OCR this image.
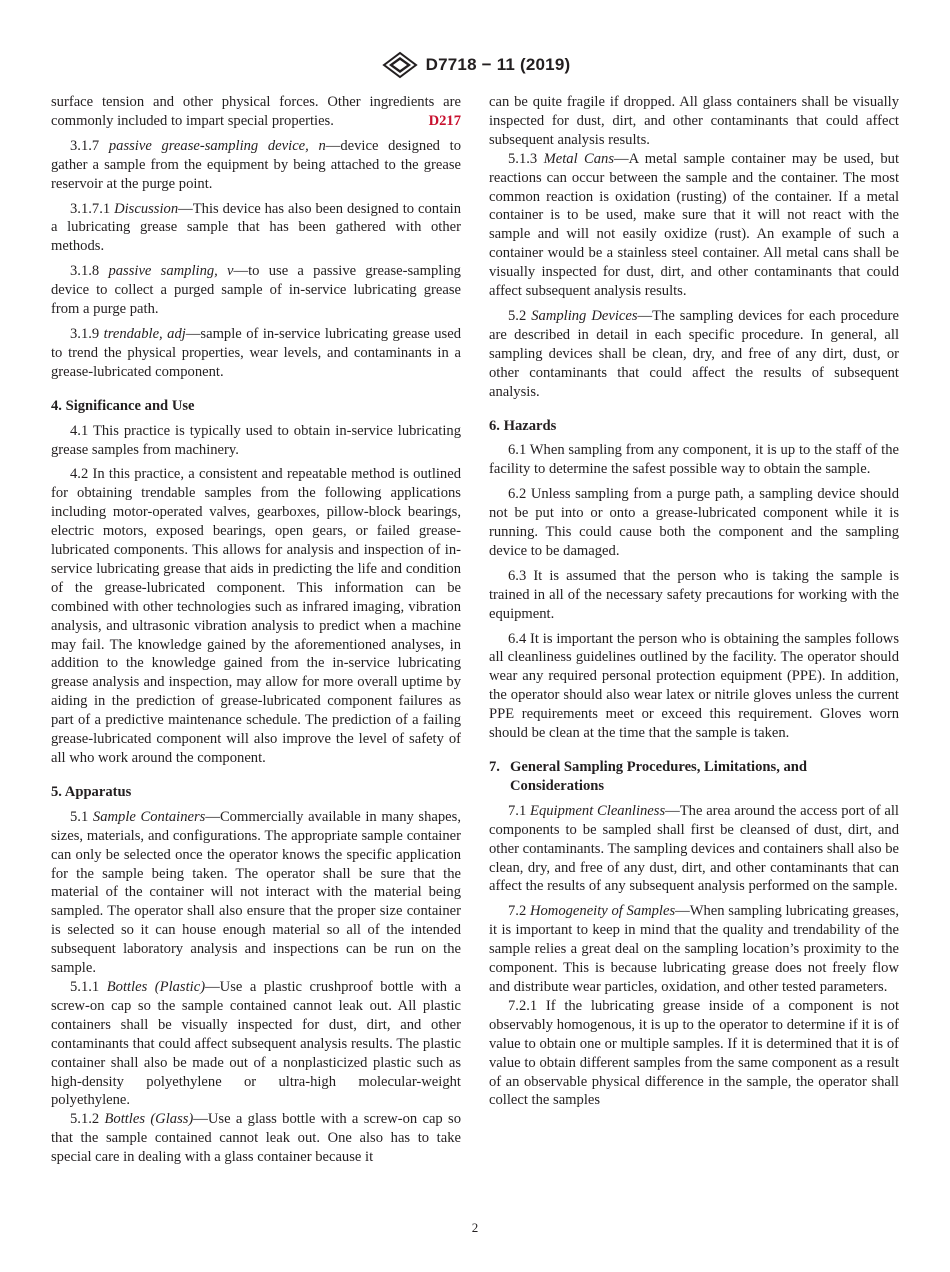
D7718 − 11 (2019)

surface tension and other physical forces. Other ingredients are commonly included to impart special properties.	D217

3.1.7 passive grease-sampling device, n—device designed to gather a sample from the equipment by being attached to the grease reservoir at the purge point.

3.1.7.1 Discussion—This device has also been designed to contain a lubricating grease sample that has been gathered with other methods.

3.1.8 passive sampling, v—to use a passive grease-sampling device to collect a purged sample of in-service lubricating grease from a purge path.

3.1.9 trendable, adj—sample of in-service lubricating grease used to trend the physical properties, wear levels, and contaminants in a grease-lubricated component.

4. Significance and Use

4.1 This practice is typically used to obtain in-service lubricating grease samples from machinery.

4.2 In this practice, a consistent and repeatable method is outlined for obtaining trendable samples from the following applications including motor-operated valves, gearboxes, pillow-block bearings, electric motors, exposed bearings, open gears, or failed grease-lubricated components. This allows for analysis and inspection of in-service lubricating grease that aids in predicting the life and condition of the grease-lubricated component. This information can be combined with other technologies such as infrared imaging, vibration analysis, and ultrasonic vibration analysis to predict when a machine may fail. The knowledge gained by the aforementioned analyses, in addition to the knowledge gained from the in-service lubricating grease analysis and inspection, may allow for more overall uptime by aiding in the prediction of grease-lubricated component failures as part of a predictive maintenance schedule. The prediction of a failing grease-lubricated component will also improve the level of safety of all who work around the component.

5. Apparatus

5.1 Sample Containers—Commercially available in many shapes, sizes, materials, and configurations. The appropriate sample container can only be selected once the operator knows the specific application for the sample being taken. The operator shall be sure that the material of the container will not interact with the material being sampled. The operator shall also ensure that the proper size container is selected so it can house enough material so all of the intended subsequent laboratory analysis and inspections can be run on the sample.

5.1.1 Bottles (Plastic)—Use a plastic crushproof bottle with a screw-on cap so the sample contained cannot leak out. All plastic containers shall be visually inspected for dust, dirt, and other contaminants that could affect subsequent analysis results. The plastic container shall also be made out of a nonplasticized plastic such as high-density polyethylene or ultra-high molecular-weight polyethylene.

5.1.2 Bottles (Glass)—Use a glass bottle with a screw-on cap so that the sample contained cannot leak out. One also has to take special care in dealing with a glass container because it

can be quite fragile if dropped. All glass containers shall be visually inspected for dust, dirt, and other contaminants that could affect subsequent analysis results.

5.1.3 Metal Cans—A metal sample container may be used, but reactions can occur between the sample and the container. The most common reaction is oxidation (rusting) of the container. If a metal container is to be used, make sure that it will not react with the sample and will not easily oxidize (rust). An example of such a container would be a stainless steel container. All metal cans shall be visually inspected for dust, dirt, and other contaminants that could affect subsequent analysis results.

5.2 Sampling Devices—The sampling devices for each procedure are described in detail in each specific procedure. In general, all sampling devices shall be clean, dry, and free of any dirt, dust, or other contaminants that could affect the results of subsequent analysis.

6. Hazards

6.1 When sampling from any component, it is up to the staff of the facility to determine the safest possible way to obtain the sample.

6.2 Unless sampling from a purge path, a sampling device should not be put into or onto a grease-lubricated component while it is running. This could cause both the component and the sampling device to be damaged.

6.3 It is assumed that the person who is taking the sample is trained in all of the necessary safety precautions for working with the equipment.

6.4 It is important the person who is obtaining the samples follows all cleanliness guidelines outlined by the facility. The operator should wear any required personal protection equipment (PPE). In addition, the operator should also wear latex or nitrile gloves unless the current PPE requirements meet or exceed this requirement. Gloves worn should be clean at the time that the sample is taken.

7. General Sampling Procedures, Limitations, and Considerations

7.1 Equipment Cleanliness—The area around the access port of all components to be sampled shall first be cleansed of dust, dirt, and other contaminants. The sampling devices and containers shall also be clean, dry, and free of any dust, dirt, and other contaminants that can affect the results of any subsequent analysis performed on the sample.

7.2 Homogeneity of Samples—When sampling lubricating greases, it is important to keep in mind that the quality and trendability of the sample relies a great deal on the sampling location’s proximity to the component. This is because lubricating grease does not freely flow and distribute wear particles, oxidation, and other tested parameters.

7.2.1 If the lubricating grease inside of a component is not observably homogenous, it is up to the operator to determine if it is of value to obtain one or multiple samples. If it is determined that it is of value to obtain different samples from the same component as a result of an observable physical difference in the sample, the operator shall collect the samples

2
